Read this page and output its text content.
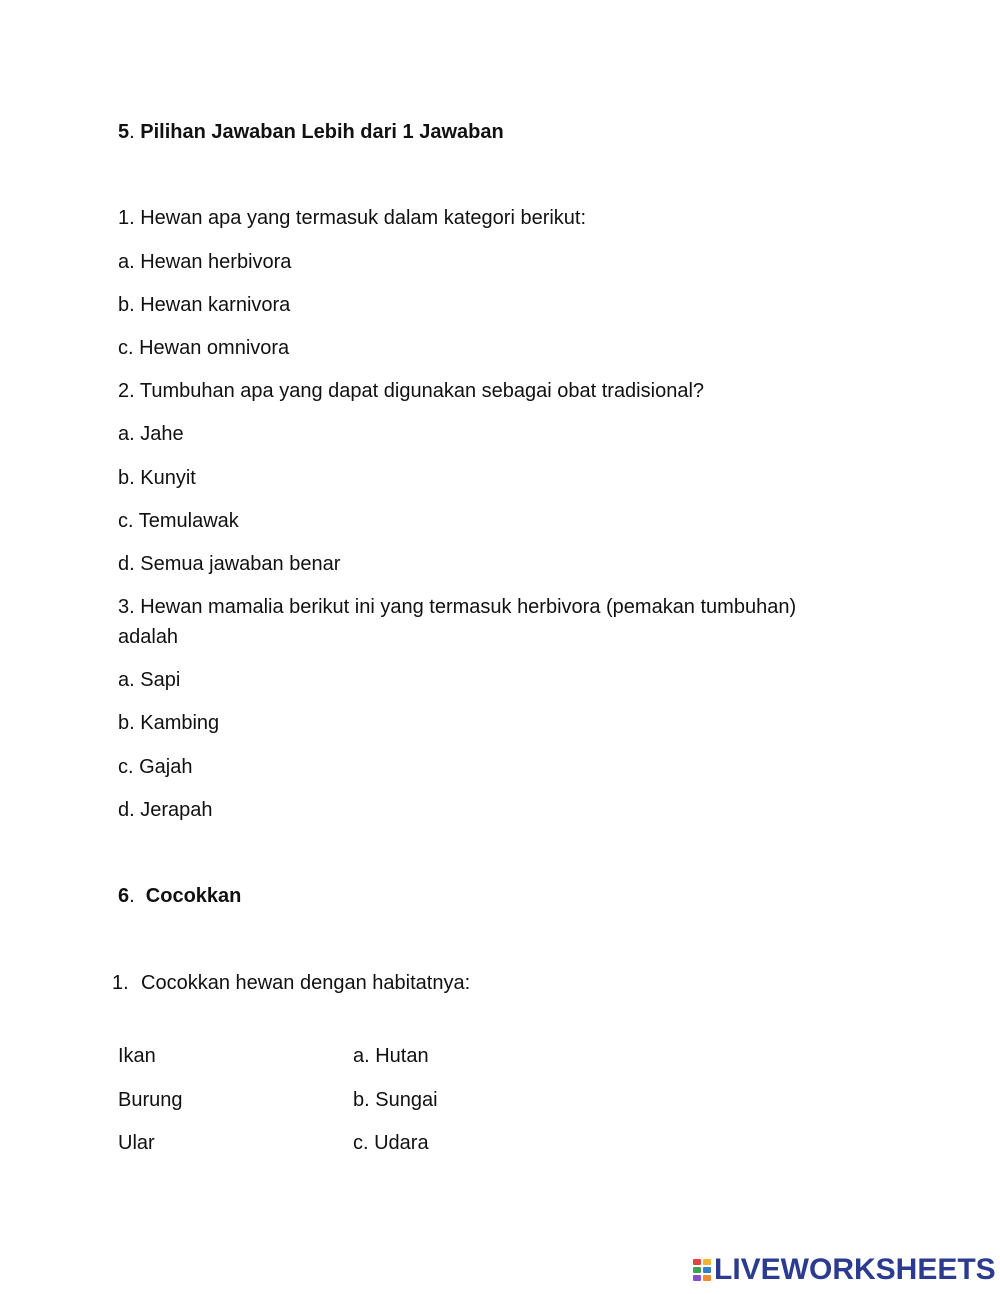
5. Pilihan Jawaban Lebih dari 1 Jawaban
1. Hewan apa yang termasuk dalam kategori berikut:
a. Hewan herbivora
b. Hewan karnivora
c. Hewan omnivora
2. Tumbuhan apa yang dapat digunakan sebagai obat tradisional?
a. Jahe
b. Kunyit
c. Temulawak
d. Semua jawaban benar
3. Hewan mamalia berikut ini yang termasuk herbivora (pemakan tumbuhan) adalah
a. Sapi
b. Kambing
c. Gajah
d. Jerapah
6.  Cocokkan
1. Cocokkan hewan dengan habitatnya:
Ikan	a. Hutan
Burung	b. Sungai
Ular	c. Udara
LIVEWORKSHEETS
